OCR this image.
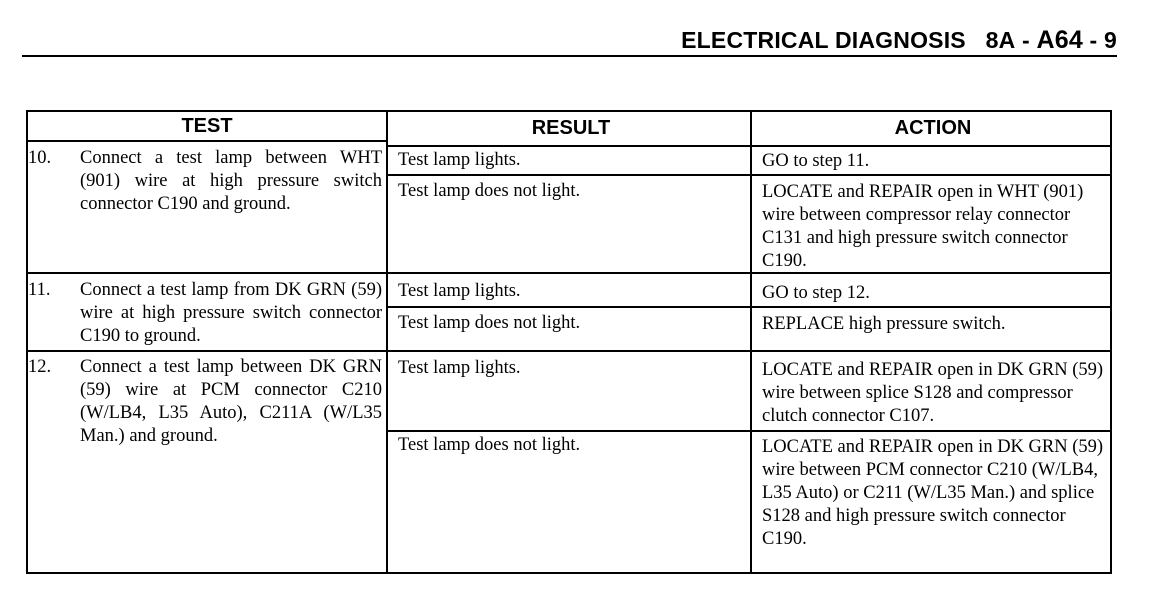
ELECTRICAL DIAGNOSIS 8A - A64 - 9
TEST	RESULT	ACTION
10.	Connect a test lamp between WHT (901) wire at high pressure switch connector C190 and ground.
Test lamp lights.	GO to step 11.
Test lamp does not light.	LOCATE and REPAIR open in WHT (901) wire between compressor relay connector C131 and high pressure switch connector C190.
11.	Connect a test lamp from DK GRN (59) wire at high pressure switch connector C190 to ground.
Test lamp lights.	GO to step 12.
Test lamp does not light.	REPLACE high pressure switch.
12.	Connect a test lamp between DK GRN (59) wire at PCM connector C210 (W/LB4, L35 Auto), C211A (W/L35 Man.) and ground.
Test lamp lights.	LOCATE and REPAIR open in DK GRN (59) wire between splice S128 and compressor clutch connector C107.
Test lamp does not light.	LOCATE and REPAIR open in DK GRN (59) wire between PCM connector C210 (W/LB4, L35 Auto) or C211 (W/L35 Man.) and splice S128 and high pressure switch connector C190.
